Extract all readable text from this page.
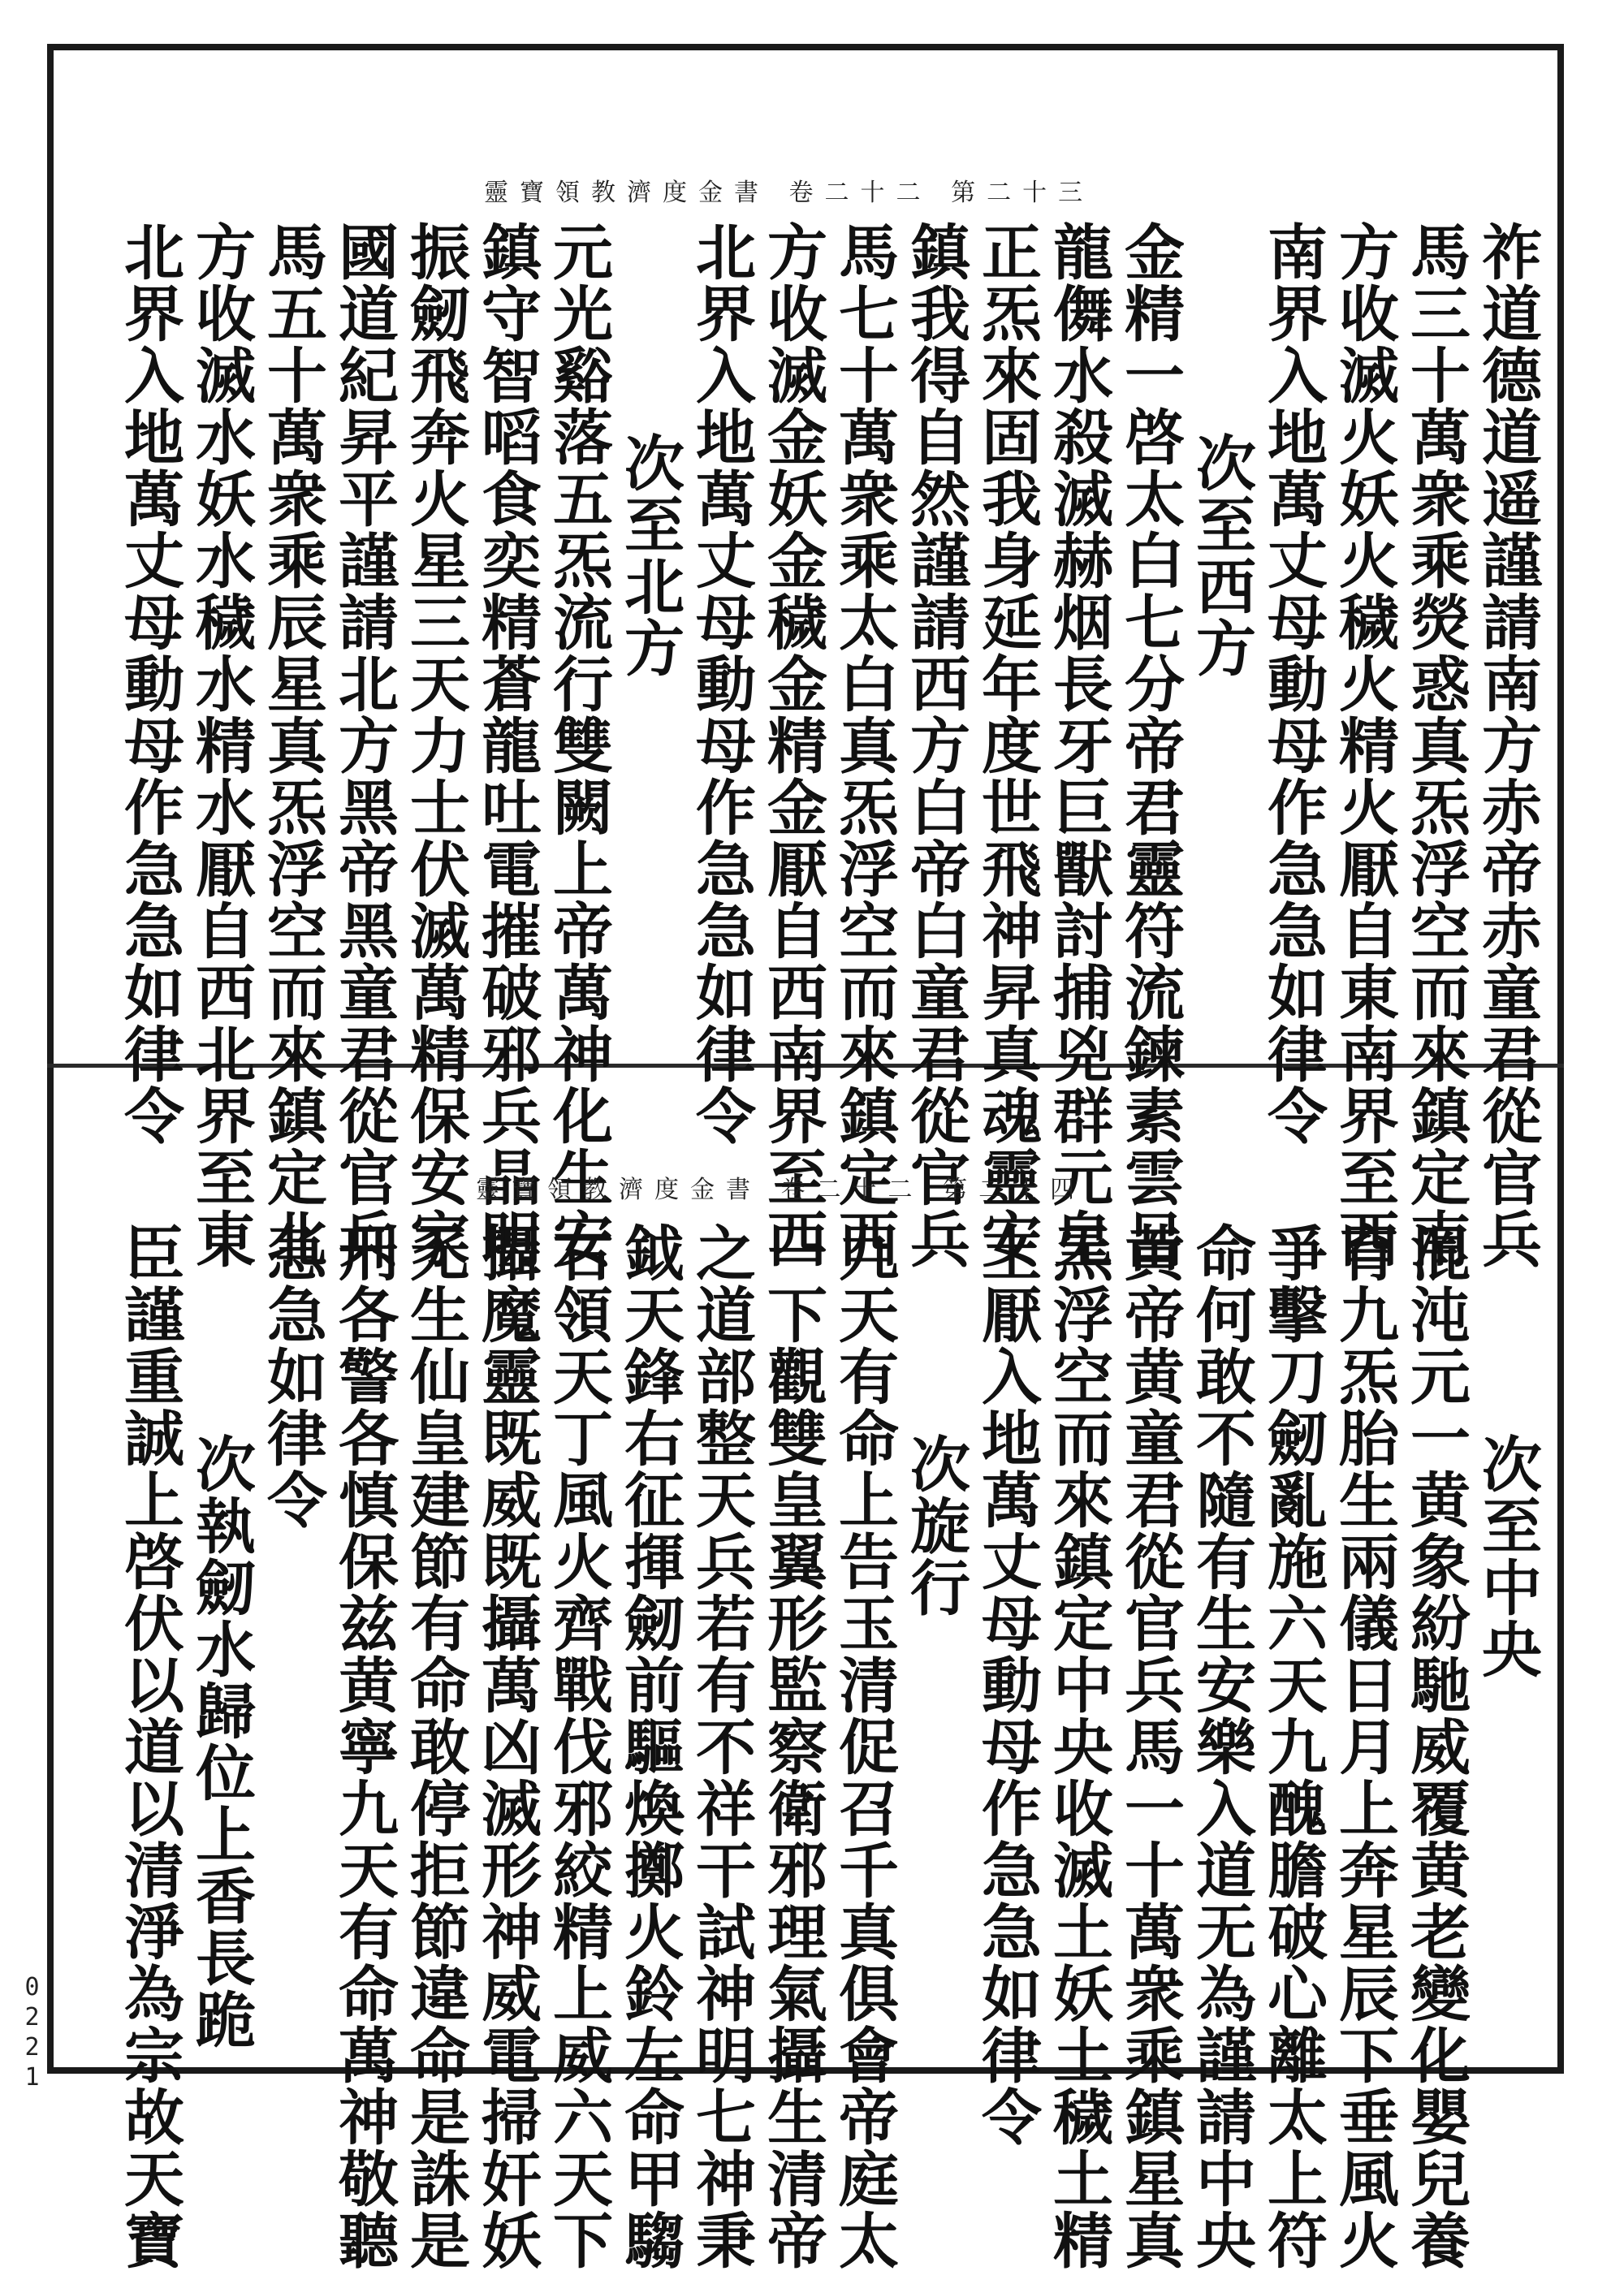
靈寶領教濟度金書 卷二十二 第二十三
祚道德道遥謹請南方赤帝赤童君從官兵
馬三十萬衆乘熒惑真炁浮空而來鎮定南
方收滅火妖火穢火精火厭自東南界至西
南界入地萬丈母動母作急急如律令
次至西方
金精一啓太白七分帝君靈符流鍊素雲呂
龍儛水殺滅赫烟長牙巨獸討捕兇群元皇
正炁來固我身延年度世飛神昇真魂靈安
鎮我得自然謹請西方白帝白童君從官兵
馬七十萬衆乘太白真炁浮空而來鎮定西
方收滅金妖金穢金精金厭自西南界至西
北界入地萬丈母動母作急急如律令
次至北方
元光谿落五炁流行雙闕上帝萬神化生安
鎮守智㗖食奕精蒼龍吐電摧破邪兵晶明
振劒飛奔火星三天力士伏滅萬精保安家
國道紀昇平謹請北方黑帝黑童君從官兵
馬五十萬衆乘辰星真炁浮空而來鎮定北
方收滅水妖水穢水精水厭自西北界至東
北界入地萬丈母動母作急急如律令
靈寶領教濟度金書 卷二十二 第二十四
次至中央
混沌元一黄象紛馳威覆黄老變化嬰兒養
育九炁胎生兩儀日月上奔星辰下垂風火
爭擊刀劒亂施六天九醜膽破心離太上符
命何敢不隨有生安樂入道无為謹請中央
黄帝黄童君從官兵馬一十萬衆乘鎮星真
炁浮空而來鎮定中央收滅土妖土穢土精
土厭入地萬丈母動母作急急如律令
次旋行
九天有命上告玉清促召千真俱會帝庭太
一下觀雙皇翼形監察衛邪理氣攝生清帝
之道部整天兵若有不祥干試神明七神秉
鉞天鋒右征揮劒前驅煥擲火鈴左命甲騶
右領天丁風火齊戰伐邪絞精上威六天下
攝魔靈既威既攝萬凶滅形神威電掃奸妖
无生仙皇建節有命敢停拒節違命是誅是
刑各警各慎保兹黄寧九天有命萬神敬聽
急急如律令
次執劒水歸位上香長跪
臣謹重誠上啓伏以道以清淨為宗故天寶
0221
